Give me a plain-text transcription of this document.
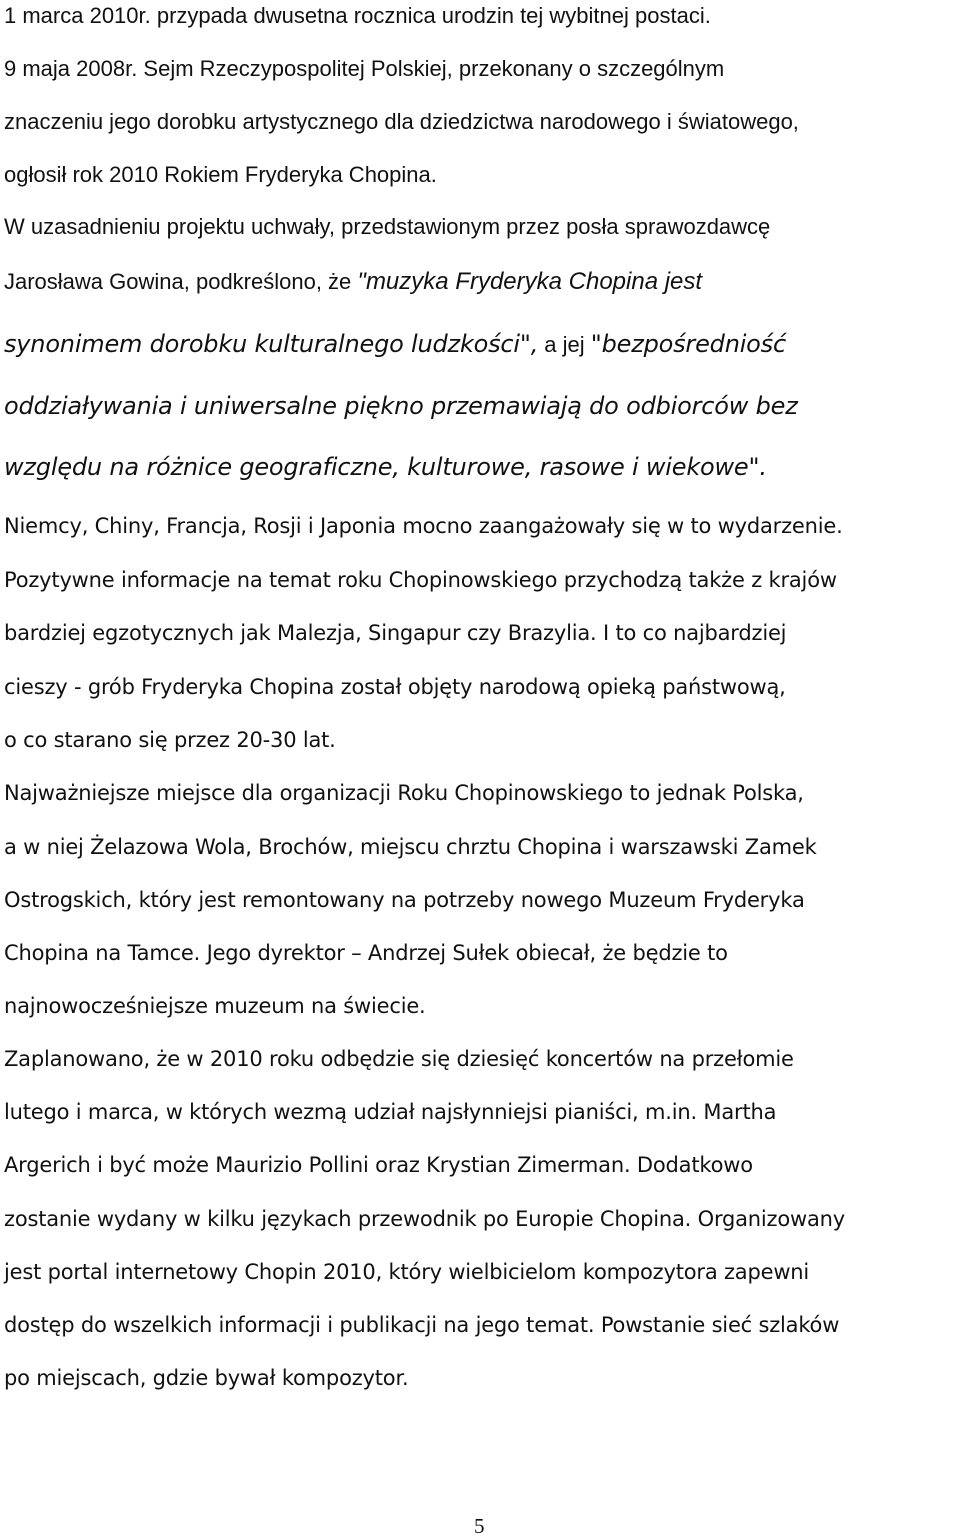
1 marca 2010r. przypada dwusetna rocznica urodzin tej wybitnej postaci.

9 maja 2008r. Sejm Rzeczypospolitej Polskiej, przekonany o szczególnym

znaczeniu jego dorobku artystycznego dla dziedzictwa narodowego i światowego,

ogłosił rok 2010 Rokiem Fryderyka Chopina.

W uzasadnieniu projektu uchwały, przedstawionym przez posła sprawozdawcę

Jarosława Gowina, podkreślono, że "muzyka Fryderyka Chopina jest

synonimem dorobku kulturalnego ludzkości", a jej "bezpośredniość

oddziaływania i uniwersalne piękno przemawiają do odbiorców bez

względu na różnice geograficzne, kulturowe, rasowe i wiekowe".

Niemcy, Chiny, Francja, Rosji i Japonia mocno zaangażowały się w to wydarzenie.

Pozytywne informacje na temat roku Chopinowskiego przychodzą także z krajów

bardziej egzotycznych jak Malezja, Singapur czy Brazylia. I to co najbardziej

cieszy - grób Fryderyka Chopina został objęty narodową opieką państwową,

o co starano się przez 20-30 lat.

Najważniejsze miejsce dla organizacji Roku Chopinowskiego to jednak Polska,

a w niej Żelazowa Wola, Brochów, miejscu chrztu Chopina i warszawski Zamek

Ostrogskich, który jest remontowany na potrzeby nowego Muzeum Fryderyka

Chopina na Tamce. Jego dyrektor – Andrzej Sułek obiecał, że będzie to

najnowocześniejsze muzeum na świecie.

Zaplanowano, że w 2010 roku odbędzie się dziesięć koncertów na przełomie

lutego i marca, w których wezmą udział najsłynniejsi pianiści, m.in. Martha

Argerich i być może Maurizio Pollini oraz Krystian Zimerman. Dodatkowo

zostanie wydany w kilku językach przewodnik po Europie Chopina. Organizowany

jest portal internetowy Chopin 2010, który wielbicielom kompozytora zapewni

dostęp do wszelkich informacji i publikacji na jego temat. Powstanie sieć szlaków

po miejscach, gdzie bywał kompozytor.

5
